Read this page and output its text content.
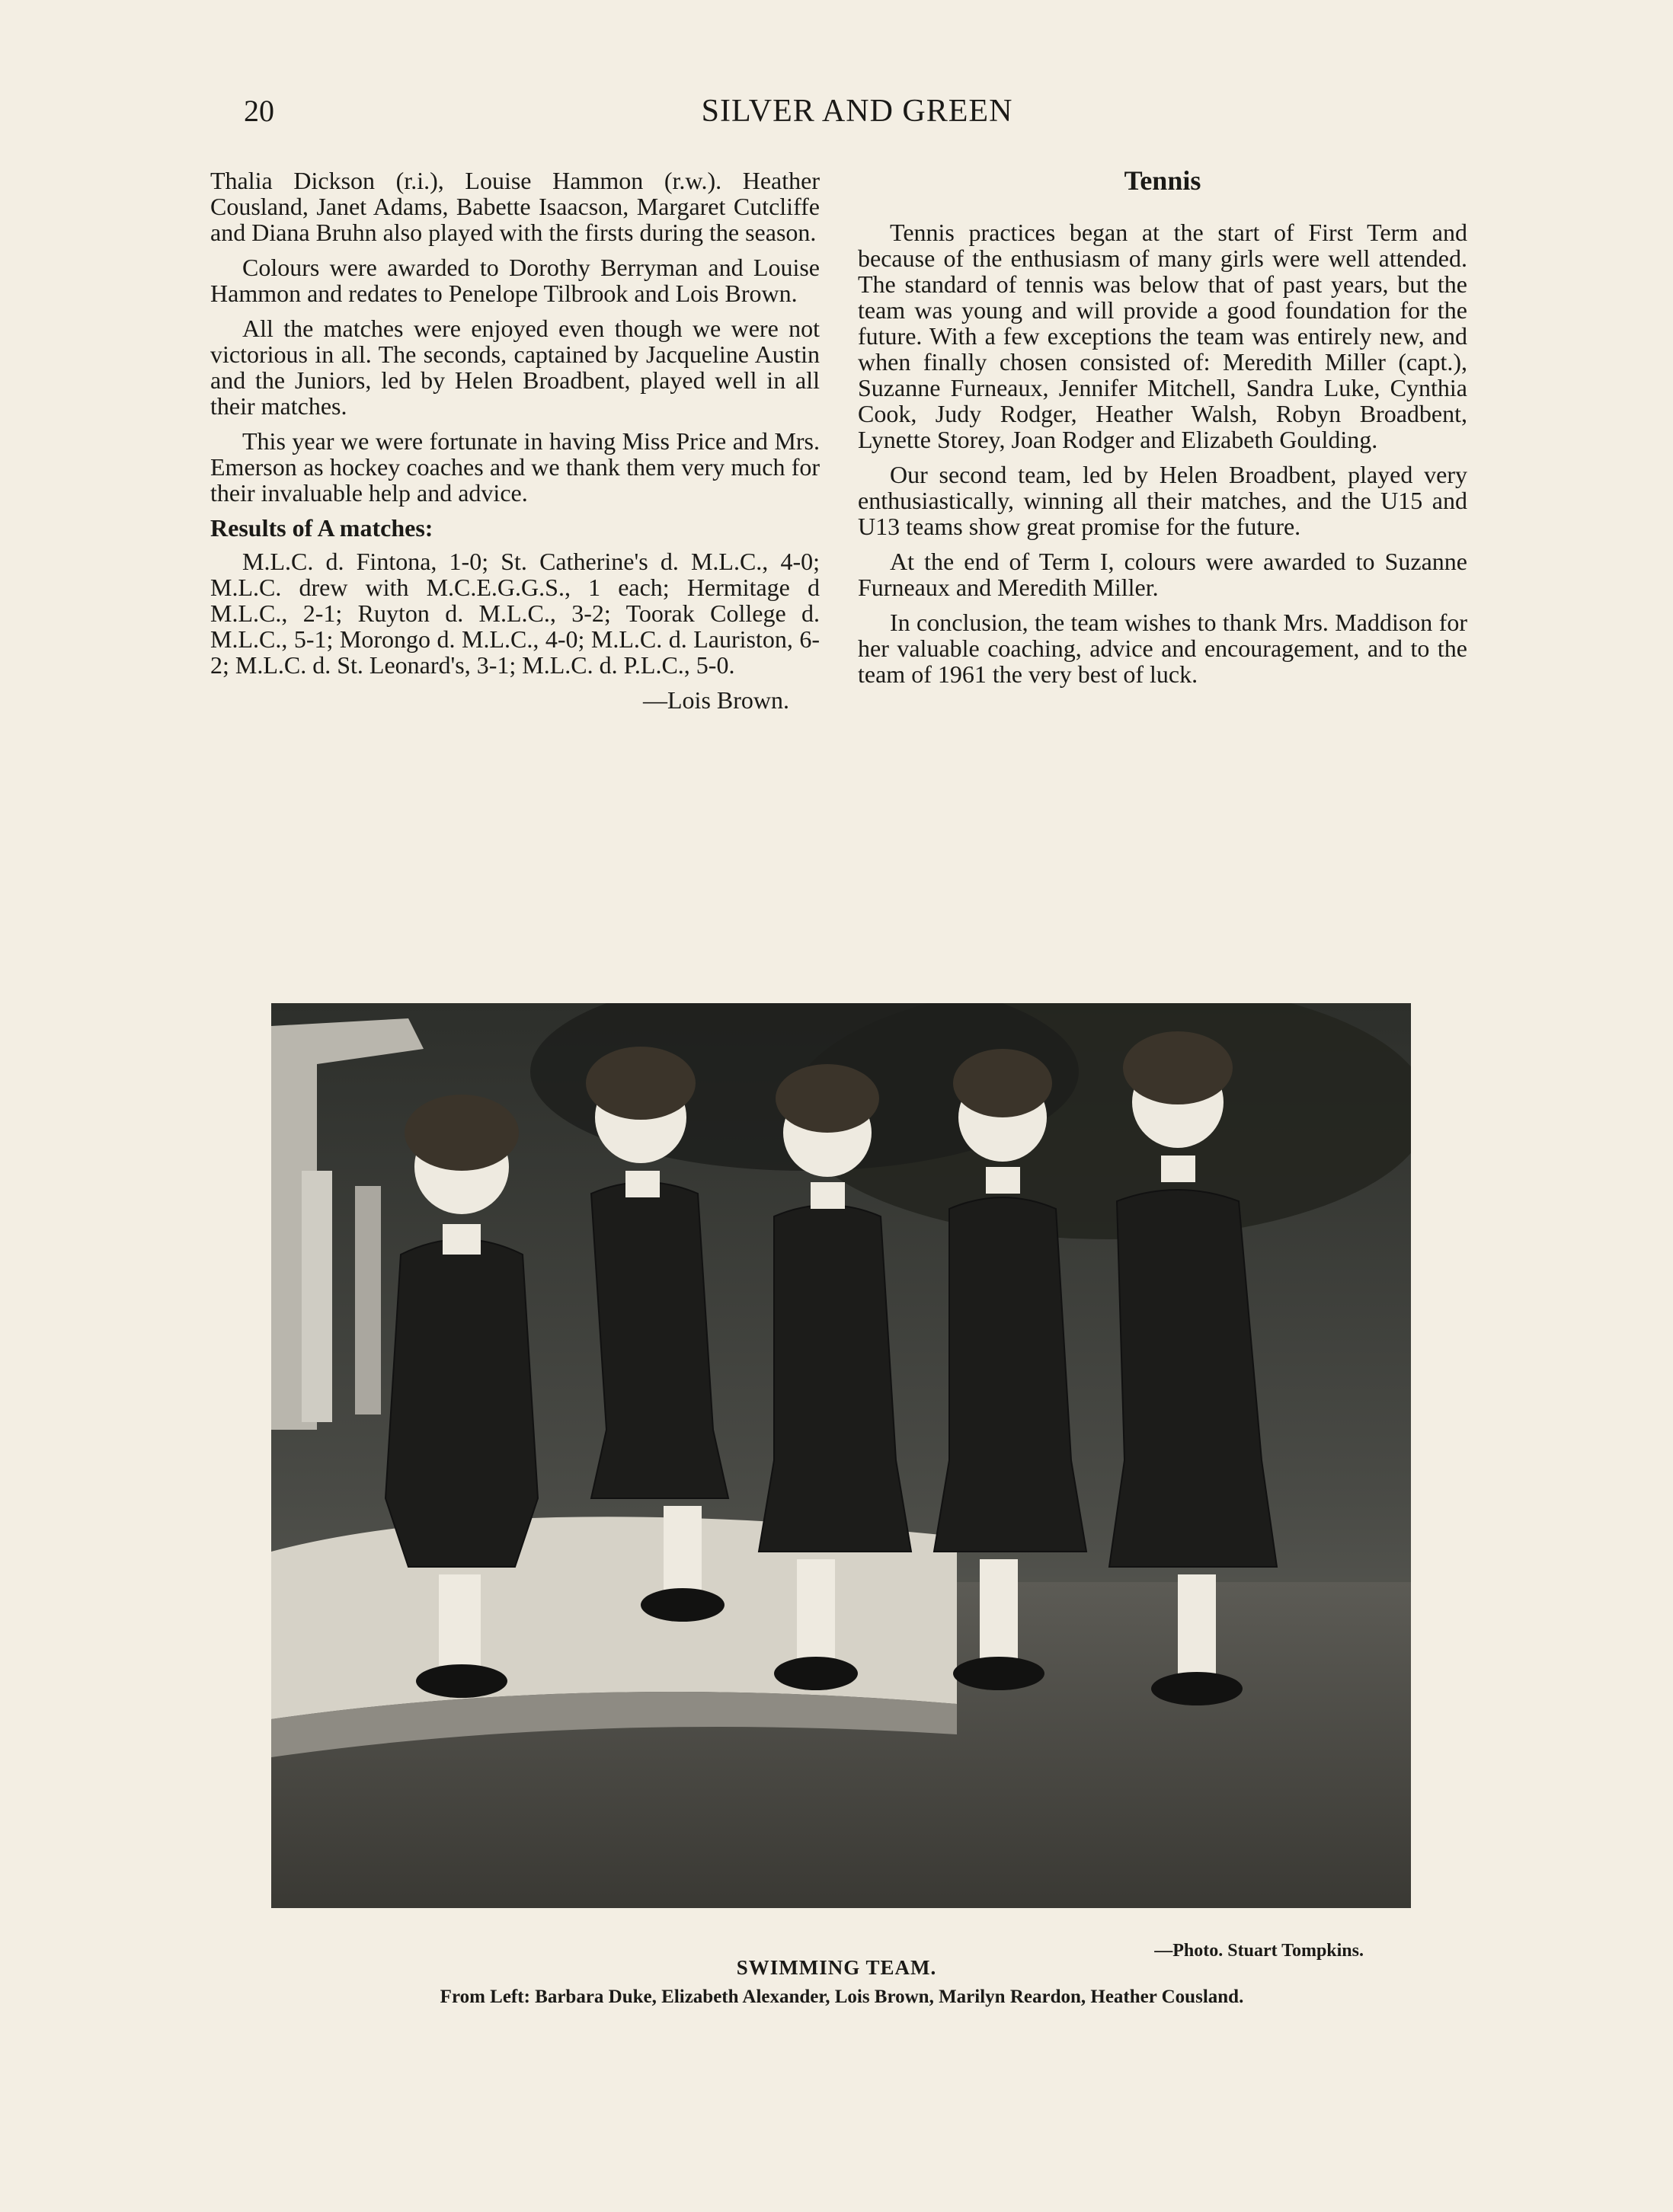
20	SILVER AND GREEN

Thalia Dickson (r.i.), Louise Hammon (r.w.). Heather Cousland, Janet Adams, Babette Isaacson, Margaret Cutcliffe and Diana Bruhn also played with the firsts during the season.

Colours were awarded to Dorothy Berryman and Louise Hammon and redates to Penelope Tilbrook and Lois Brown.

All the matches were enjoyed even though we were not victorious in all. The seconds, captained by Jacqueline Austin and the Juniors, led by Helen Broadbent, played well in all their matches.

This year we were fortunate in having Miss Price and Mrs. Emerson as hockey coaches and we thank them very much for their invaluable help and advice.

Results of A matches:

M.L.C. d. Fintona, 1-0; St. Catherine's d. M.L.C., 4-0; M.L.C. drew with M.C.E.G.G.S., 1 each; Hermitage d M.L.C., 2-1; Ruyton d. M.L.C., 3-2; Toorak College d. M.L.C., 5-1; Morongo d. M.L.C., 4-0; M.L.C. d. Lauriston, 6-2; M.L.C. d. St. Leonard's, 3-1; M.L.C. d. P.L.C., 5-0.

—Lois Brown.

Tennis

Tennis practices began at the start of First Term and because of the enthusiasm of many girls were well attended. The standard of tennis was below that of past years, but the team was young and will provide a good foundation for the future. With a few exceptions the team was entirely new, and when finally chosen consisted of: Meredith Miller (capt.), Suzanne Furneaux, Jennifer Mitchell, Sandra Luke, Cynthia Cook, Judy Rodger, Heather Walsh, Robyn Broadbent, Lynette Storey, Joan Rodger and Elizabeth Goulding.

Our second team, led by Helen Broadbent, played very enthusiastically, winning all their matches, and the U15 and U13 teams show great promise for the future.

At the end of Term I, colours were awarded to Suzanne Furneaux and Meredith Miller.

In conclusion, the team wishes to thank Mrs. Maddison for her valuable coaching, advice and encouragement, and to the team of 1961 the very best of luck.

—Photo. Stuart Tompkins.
SWIMMING TEAM.
From Left: Barbara Duke, Elizabeth Alexander, Lois Brown, Marilyn Reardon, Heather Cousland.
